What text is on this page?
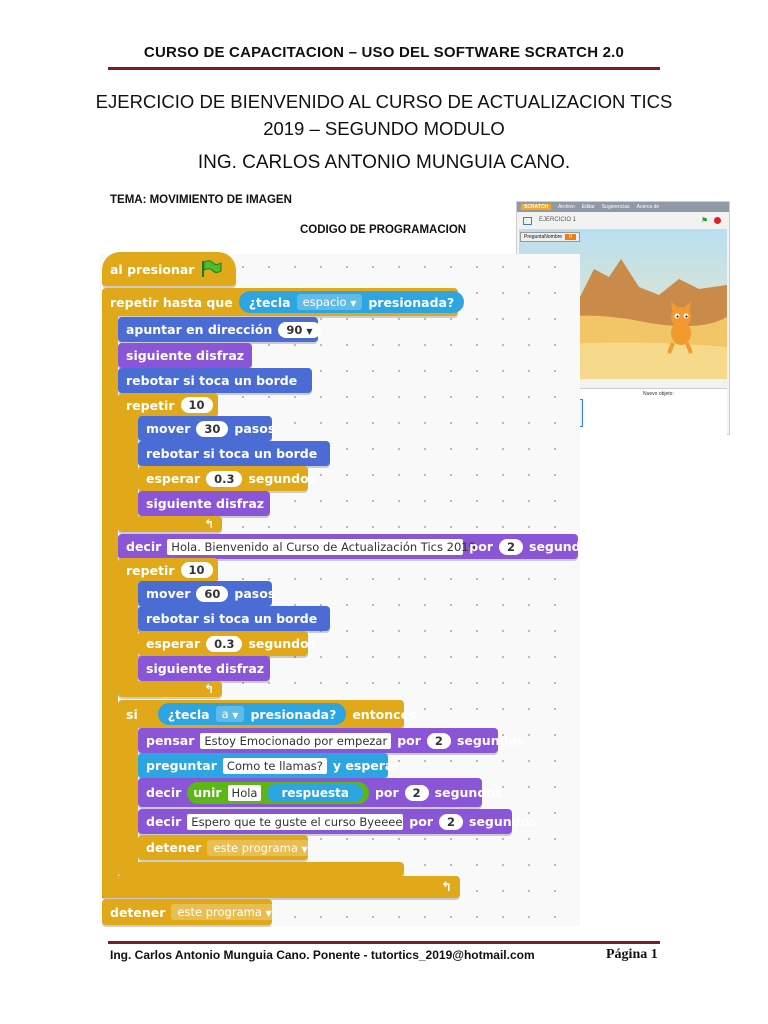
CURSO DE CAPACITACION – USO DEL SOFTWARE SCRATCH 2.0
EJERCICIO DE BIENVENIDO AL CURSO DE ACTUALIZACION TICS
2019 – SEGUNDO MODULO
ING. CARLOS ANTONIO MUNGUIA CANO.
TEMA: MOVIMIENTO DE IMAGEN
CODIGO DE PROGRAMACION
SCRATCH	Archivo Editar Sugerencias Acerca de
EJERCICIO 1	⚑
PreguntaNombre	0
Nuevo objeto:
al presionar
repetir hasta que ¿tecla	espacio ▼ presionada?
apuntar en dirección	90 ▼
siguiente disfraz
rebotar si toca un borde
repetir	10
mover	30	pasos
rebotar si toca un borde
esperar	0.3	segundos
siguiente disfraz
↰
decir Hola. Bienvenido al Curso de Actualización Tics 2019
por	2	segundos
repetir	10
mover	60	pasos
rebotar si toca un borde
esperar	0.3	segundos
siguiente disfraz
↰
si ¿tecla	a ▼ presionada? entonces
pensar Estoy Emocionado por empezar por	2	segundos
preguntar Como te llamas? y esperar
decir unir Hola	respuesta	por	2	segundos
decir Espero que te guste el curso Byeeee por	2	segundos
detener	este programa ▼
↰
detener	este programa ▼
Ing. Carlos Antonio Munguia Cano. Ponente - tutortics_2019@hotmail.com	Página 1
